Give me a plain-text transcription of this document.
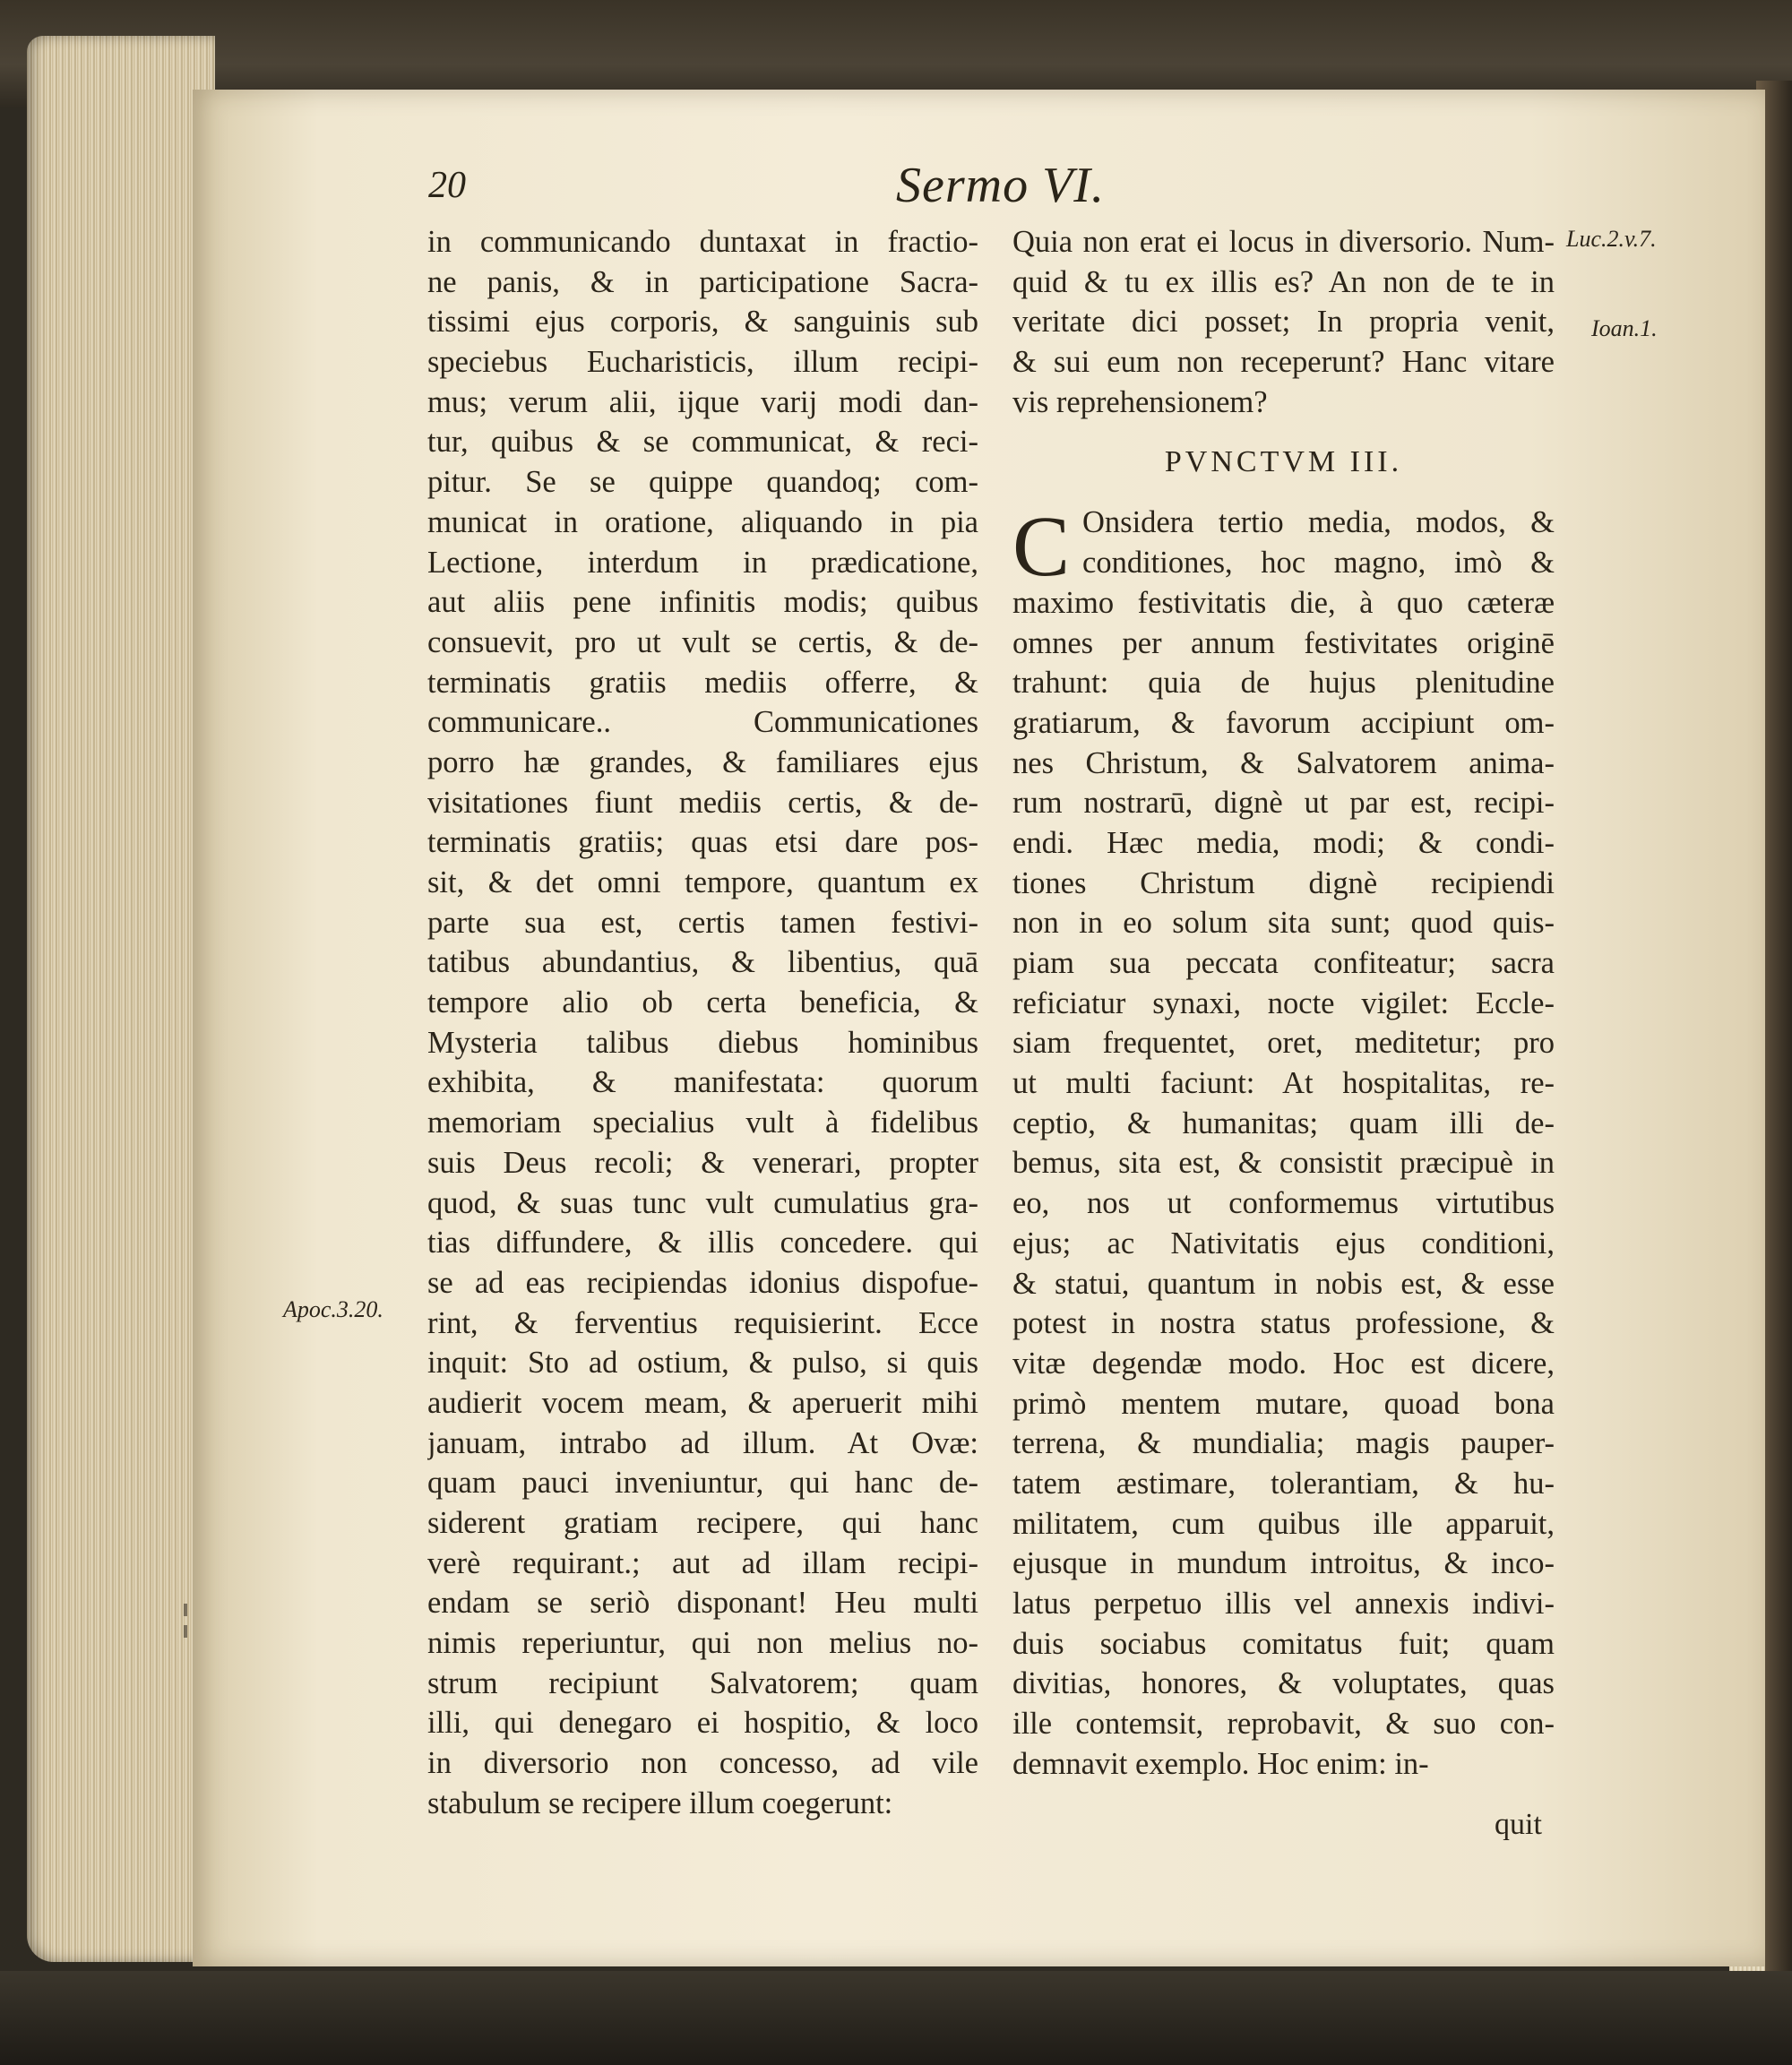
20	Sermo VI.
in communicando duntaxat in fractio-
ne panis, & in participatione Sacra-
tissimi ejus corporis, & sanguinis sub
speciebus Eucharisticis, illum recipi-
mus; verum alii, ijque varij modi dan-
tur, quibus & se communicat, & reci-
pitur. Se se quippe quandoq; com-
municat in oratione, aliquando in pia
Lectione, interdum in prædicatione,
aut aliis pene infinitis modis; quibus
consuevit, pro ut vult se certis, & de-
terminatis gratiis mediis offerre, &
communicare.. Communicationes
porro hæ grandes, & familiares ejus
visitationes fiunt mediis certis, & de-
terminatis gratiis; quas etsi dare pos-
sit, & det omni tempore, quantum ex
parte sua est, certis tamen festivi-
tatibus abundantius, & libentius, quā
tempore alio ob certa beneficia, &
Mysteria talibus diebus hominibus
exhibita, & manifestata: quorum
memoriam specialius vult à fidelibus
suis Deus recoli; & venerari, propter
quod, & suas tunc vult cumulatius gra-
tias diffundere, & illis concedere. qui
se ad eas recipiendas idonius dispofue-
rint, & ferventius requisierint. Ecce
inquit: Sto ad ostium, & pulso, si quis
audierit vocem meam, & aperuerit mihi
januam, intrabo ad illum. At Ovæ:
quam pauci inveniuntur, qui hanc de-
siderent gratiam recipere, qui hanc
verè requirant.; aut ad illam recipi-
endam se seriò disponant! Heu multi
nimis reperiuntur, qui non melius no-
strum recipiunt Salvatorem; quam
illi, qui denegaro ei hospitio, & loco
in diversorio non concesso, ad vile
stabulum se recipere illum coegerunt:
Quia non erat ei locus in diversorio. Num-
quid & tu ex illis es? An non de te in
veritate dici posset; In propria venit,
& sui eum non receperunt? Hanc vitare
vis reprehensionem?
PVNCTVM III.
C Onsidera tertio media, modos, &
conditiones, hoc magno, imò &
maximo festivitatis die, à quo cæteræ
omnes per annum festivitates originē
trahunt: quia de hujus plenitudine
gratiarum, & favorum accipiunt om-
nes Christum, & Salvatorem anima-
rum nostrarū, dignè ut par est, recipi-
endi. Hæc media, modi; & condi-
tiones Christum dignè recipiendi
non in eo solum sita sunt; quod quis-
piam sua peccata confiteatur; sacra
reficiatur synaxi, nocte vigilet: Eccle-
siam frequentet, oret, meditetur; pro
ut multi faciunt: At hospitalitas, re-
ceptio, & humanitas; quam illi de-
bemus, sita est, & consistit præcipuè in
eo, nos ut conformemus virtutibus
ejus; ac Nativitatis ejus conditioni,
& statui, quantum in nobis est, & esse
potest in nostra status professione, &
vitæ degendæ modo. Hoc est dicere,
primò mentem mutare, quoad bona
terrena, & mundialia; magis pauper-
tatem æstimare, tolerantiam, & hu-
militatem, cum quibus ille apparuit,
ejusque in mundum introitus, & inco-
latus perpetuo illis vel annexis indivi-
duis sociabus comitatus fuit; quam
divitias, honores, & voluptates, quas
ille contemsit, reprobavit, & suo con-
demnavit exemplo. Hoc enim: in-
Luc.2.v.7.
Ioan.1.
Apoc.3.20.
quit
